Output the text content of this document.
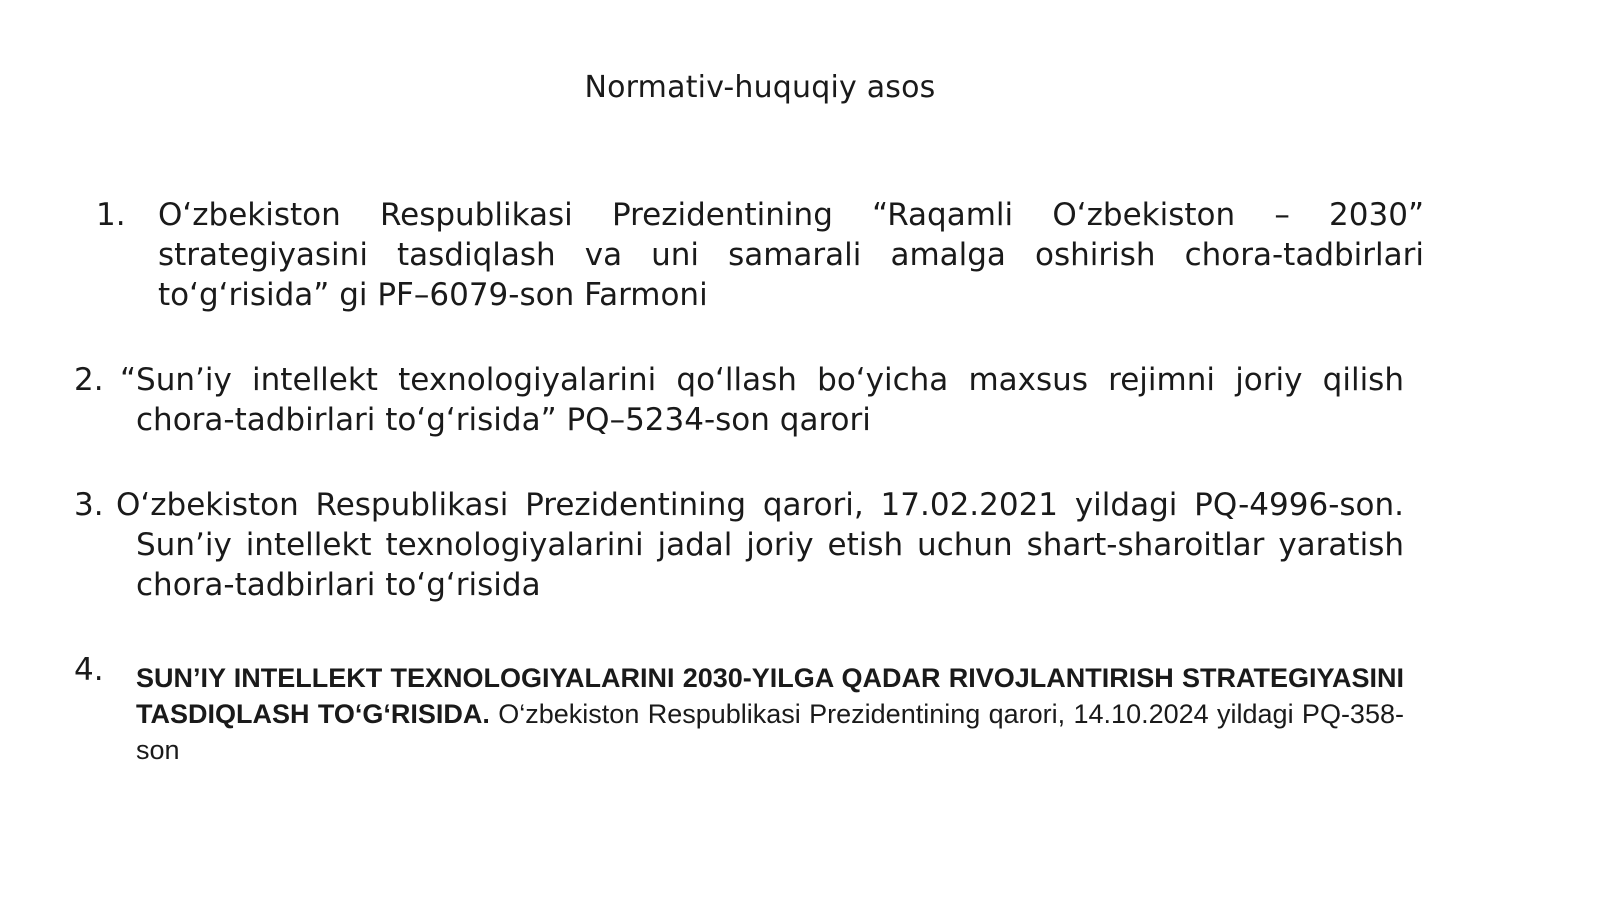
Normativ-huquqiy asos
1. O‘zbekiston Respublikasi Prezidentining “Raqamli O‘zbekiston – 2030” strategiyasini tasdiqlash va uni samarali amalga oshirish chora-tadbirlari to‘g‘risida” gi PF–6079-son Farmoni
2. “Sun’iy intellekt texnologiyalarini qo‘llash bo‘yicha maxsus rejimni joriy qilish chora-tadbirlari to‘g‘risida” PQ–5234-son qarori
3. O‘zbekiston Respublikasi Prezidentining qarori, 17.02.2021 yildagi PQ-4996-son. Sun’iy intellekt texnologiyalarini jadal joriy etish uchun shart-sharoitlar yaratish chora-tadbirlari to‘g‘risida
4. SUN’IY INTELLEKT TEXNOLOGIYALARINI 2030-YILGA QADAR RIVOJLANTIRISH STRATEGIYASINI TASDIQLASH TO‘G‘RISIDA. O‘zbekiston Respublikasi Prezidentining qarori, 14.10.2024 yildagi PQ-358-son
